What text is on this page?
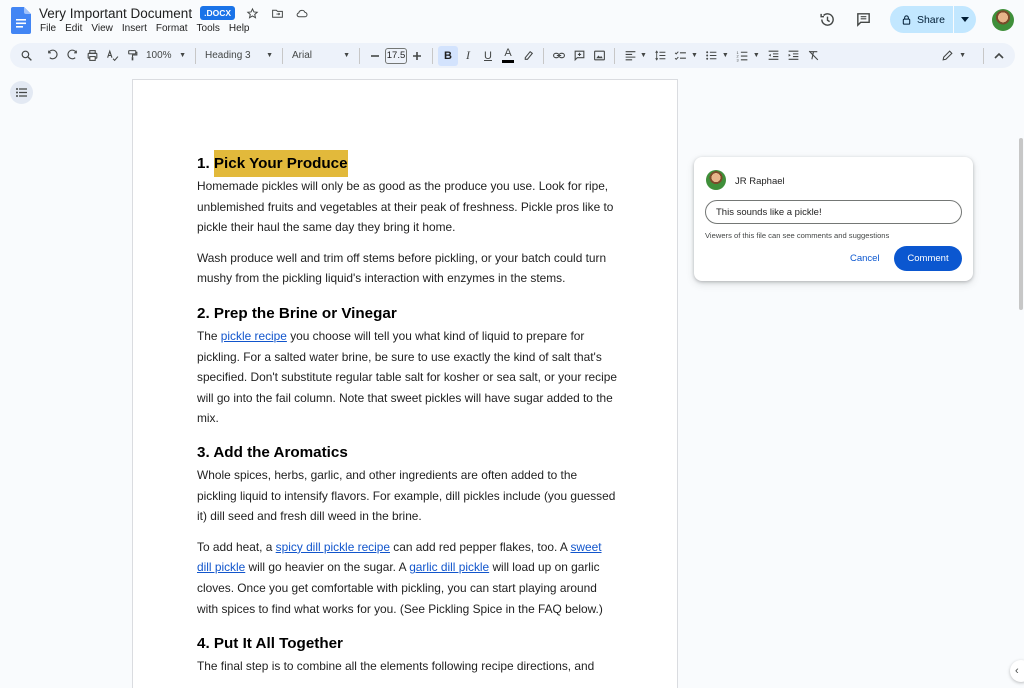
Very Important Document	.DOCX
File Edit View Insert Format Tools Help
Share
100% ▼ Heading 3 ▼ Arial	▼	17.5	B	I	U	A	▼	▼	▼ 1
2
3
▼	▼
1. Pick Your Produce

Homemade pickles will only be as good as the produce you use. Look for ripe, unblemished fruits and vegetables at their peak of freshness. Pickle pros like to pickle their haul the same day they bring it home.

Wash produce well and trim off stems before pickling, or your batch could turn mushy from the pickling liquid's interaction with enzymes in the stems.

2. Prep the Brine or Vinegar

The pickle recipe you choose will tell you what kind of liquid to prepare for pickling. For a salted water brine, be sure to use exactly the kind of salt that's specified. Don't substitute regular table salt for kosher or sea salt, or your recipe will go into the fail column. Note that sweet pickles will have sugar added to the mix.

3. Add the Aromatics

Whole spices, herbs, garlic, and other ingredients are often added to the pickling liquid to intensify flavors. For example, dill pickles include (you guessed it) dill seed and fresh dill weed in the brine.

To add heat, a spicy dill pickle recipe can add red pepper flakes, too. A sweet dill pickle will go heavier on the sugar. A garlic dill pickle will load up on garlic cloves. Once you get comfortable with pickling, you can start playing around with spices to find what works for you. (See Pickling Spice in the FAQ below.)

4. Put It All Together

The final step is to combine all the elements following recipe directions, and

JR Raphael
This sounds like a pickle!
Viewers of this file can see comments and suggestions
Cancel	Comment
‹
